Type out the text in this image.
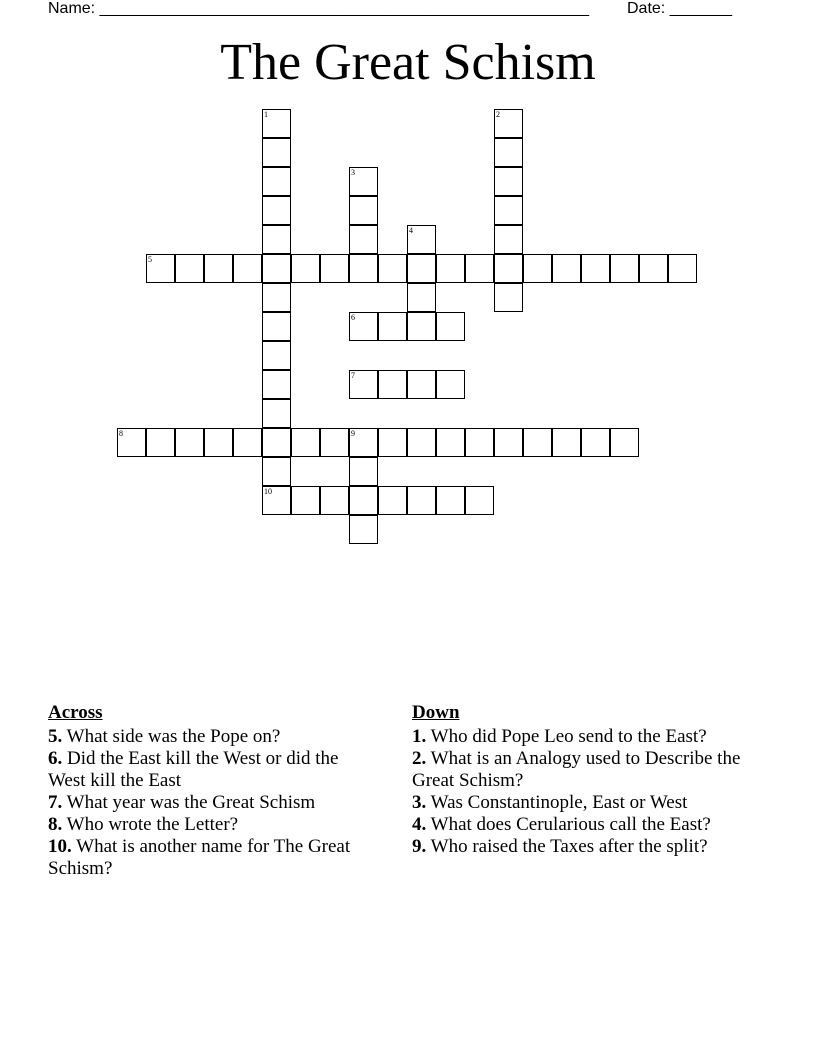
Name: _______________________________________________________ Date: _______
The Great Schism
1	2
3
4
5
6
7
8	9
10
Across
5. What side was the Pope on?
6. Did the East kill the West or did the West kill the East
7. What year was the Great Schism
8. Who wrote the Letter?
10. What is another name for The Great Schism?
Down
1. Who did Pope Leo send to the East?
2. What is an Analogy used to Describe the Great Schism?
3. Was Constantinople, East or West
4. What does Cerularious call the East?
9. Who raised the Taxes after the split?
